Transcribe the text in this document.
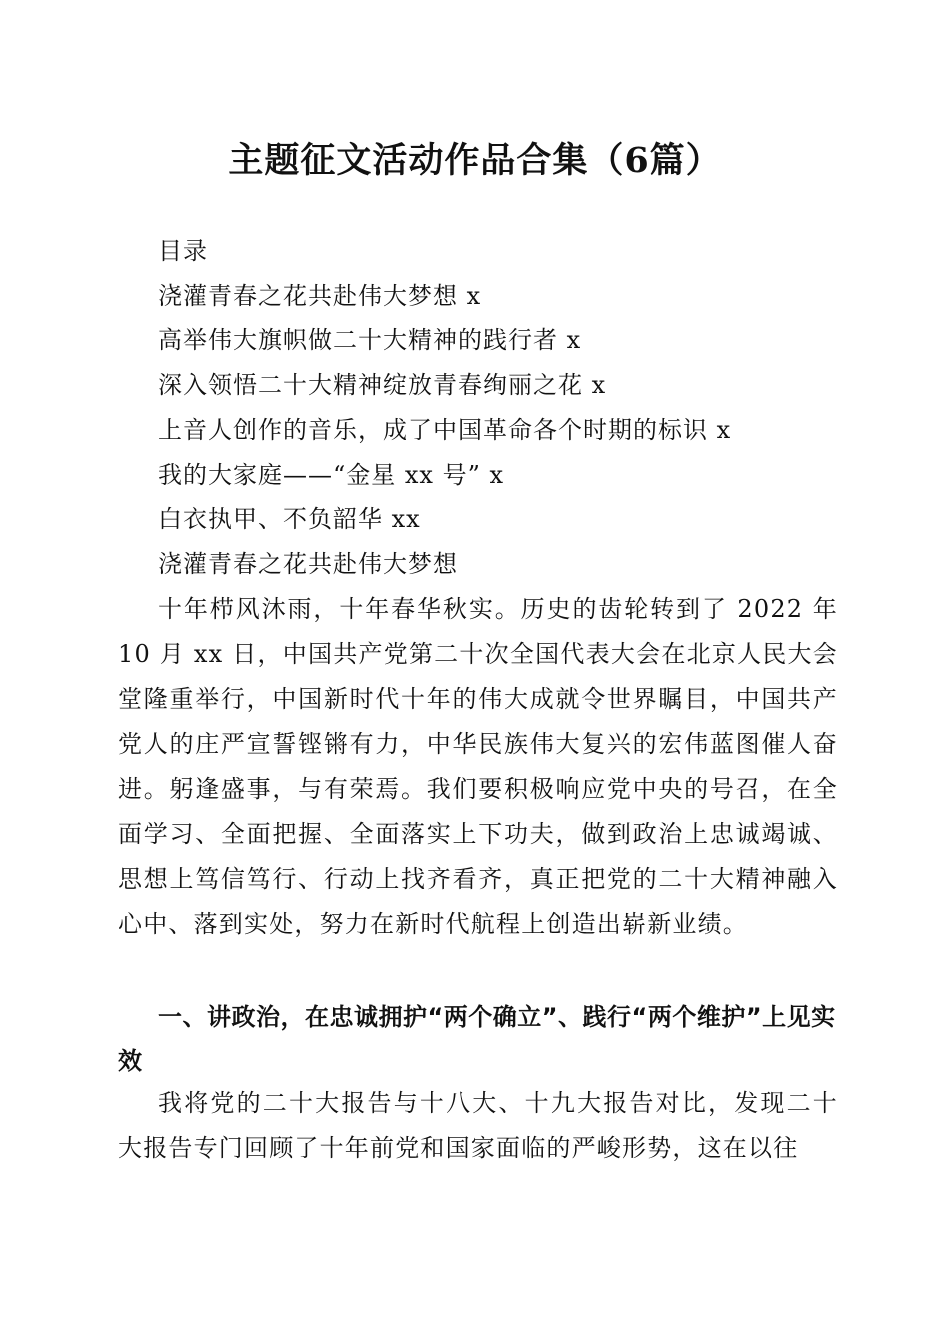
主题征文活动作品合集（6篇）
目录
浇灌青春之花共赴伟大梦想 x
高举伟大旗帜做二十大精神的践行者 x
深入领悟二十大精神绽放青春绚丽之花 x
上音人创作的音乐，成了中国革命各个时期的标识 x
我的大家庭——“金星 xx 号” x
白衣执甲、不负韶华 xx
浇灌青春之花共赴伟大梦想

十年栉风沐雨，十年春华秋实。历史的齿轮转到了 2022 年 10 月 xx 日，中国共产党第二十次全国代表大会在北京人民大会堂隆重举行，中国新时代十年的伟大成就令世界瞩目，中国共产党人的庄严宣誓铿锵有力，中华民族伟大复兴的宏伟蓝图催人奋进。躬逢盛事，与有荣焉。我们要积极响应党中央的号召，在全面学习、全面把握、全面落实上下功夫，做到政治上忠诚竭诚、思想上笃信笃行、行动上找齐看齐，真正把党的二十大精神融入心中、落到实处，努力在新时代航程上创造出崭新业绩。

一、讲政治，在忠诚拥护“两个确立”、践行“两个维护”上见实效

我将党的二十大报告与十八大、十九大报告对比，发现二十大报告专门回顾了十年前党和国家面临的严峻形势，这在以往
